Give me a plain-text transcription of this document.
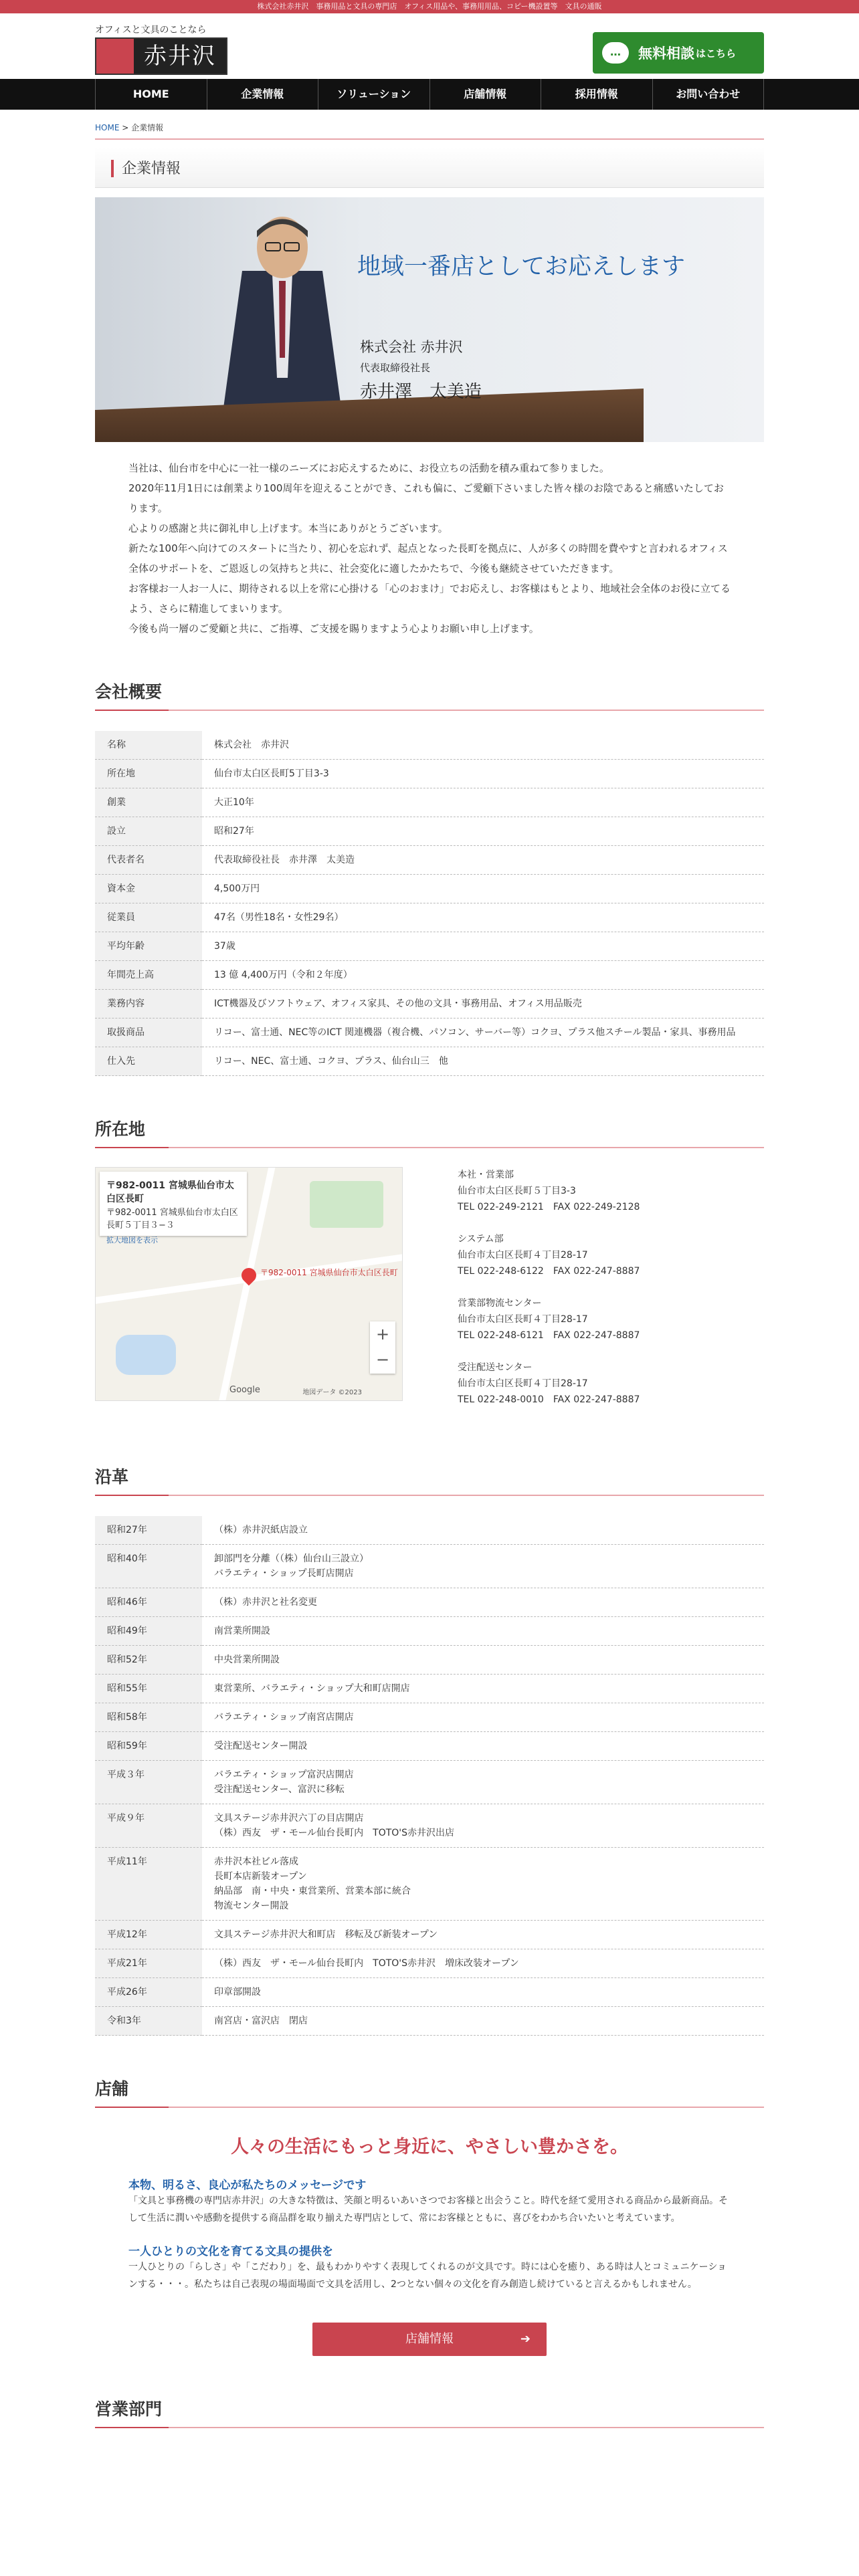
株式会社赤井沢　事務用品と文具の専門店　オフィス用品や、事務用用品、コピー機設置等　文具の通販
オフィスと文具のことなら
赤井沢	…	無料相談 はこちら
HOME	企業情報	ソリューション	店舗情報	採用情報	お問い合わせ
HOME > 企業情報
企業情報
地域一番店としてお応えします
株式会社 赤井沢
代表取締役社長
赤井澤　太美造

当社は、仙台市を中心に一社一様のニーズにお応えするために、お役立ちの活動を積み重ねて参りました。

2020年11月1日には創業より100周年を迎えることができ、これも偏に、ご愛顧下さいました皆々様のお陰であると痛感いたしております。

心よりの感謝と共に御礼申し上げます。本当にありがとうございます。

新たな100年へ向けてのスタートに当たり、初心を忘れず、起点となった長町を拠点に、人が多くの時間を費やすと言われるオフィス全体のサポートを、ご恩返しの気持ちと共に、社会変化に適したかたちで、今後も継続させていただきます。

お客様お一人お一人に、期待される以上を常に心掛ける「心のおまけ」でお応えし、お客様はもとより、地域社会全体のお役に立てるよう、さらに精進してまいります。

今後も尚一層のご愛顧と共に、ご指導、ご支援を賜りますよう心よりお願い申し上げます。

会社概要
名称	株式会社　赤井沢
所在地	仙台市太白区長町5丁目3-3
創業	大正10年
設立	昭和27年
代表者名	代表取締役社長　赤井澤　太美造
資本金	4,500万円
従業員	47名（男性18名・女性29名）
平均年齢	37歳
年間売上高	13 億 4,400万円（令和２年度）
業務内容	ICT機器及びソフトウェア、オフィス家具、その他の文具・事務用品、オフィス用品販売
取扱商品	リコー、富士通、NEC等のICT 関連機器（複合機、パソコン、サーバー等）コクヨ、プラス他スチール製品・家具、事務用品
仕入先	リコー、NEC、富士通、コクヨ、プラス、仙台山三　他
所在地
〒982-0011 宮城県仙台市太白区長町
〒982-0011 宮城県仙台市太白区長町５丁目３−３
拡大地図を表示
〒982-0011 宮城県仙台市太白区長町
+
−
Google	地図データ ©2023
本社・営業部
仙台市太白区長町５丁目3-3
TEL 022-249-2121　FAX 022-249-2128
システム部
仙台市太白区長町４丁目28-17
TEL 022-248-6122　FAX 022-247-8887
営業部物流センター
仙台市太白区長町４丁目28-17
TEL 022-248-6121　FAX 022-247-8887
受注配送センター
仙台市太白区長町４丁目28-17
TEL 022-248-0010　FAX 022-247-8887
沿革
昭和27年	（株）赤井沢紙店設立

昭和40年	卸部門を分離（（株）仙台山三設立）
バラエティ・ショップ長町店開店

昭和46年	（株）赤井沢と社名変更

昭和49年	南営業所開設

昭和52年	中央営業所開設

昭和55年	東営業所、バラエティ・ショップ大和町店開店

昭和58年	バラエティ・ショップ南宮店開店

昭和59年	受注配送センター開設

平成３年	バラエティ・ショップ富沢店開店
受注配送センター、富沢に移転

平成９年	文具ステージ赤井沢六丁の目店開店
（株）西友　ザ・モール仙台長町内　TOTO'S赤井沢出店

平成11年	赤井沢本社ビル落成
長町本店新装オープン
納品部　南・中央・東営業所、営業本部に統合
物流センター開設

平成12年	文具ステージ赤井沢大和町店　移転及び新装オープン

平成21年	（株）西友　ザ・モール仙台長町内　TOTO'S赤井沢　増床改装オープン

平成26年	印章部開設

令和3年	南宮店・富沢店　閉店
店舗
人々の生活にもっと身近に、やさしい豊かさを。
本物、明るさ、良心が私たちのメッセージです

「文具と事務機の専門店赤井沢」の大きな特徴は、笑顔と明るいあいさつでお客様と出会うこと。時代を経て愛用される商品から最新商品。そして生活に潤いや感動を提供する商品群を取り揃えた専門店として、常にお客様とともに、喜びをわかち合いたいと考えています。

一人ひとりの文化を育てる文具の提供を

一人ひとりの「らしさ」や「こだわり」を、最もわかりやすく表現してくれるのが文具です。時には心を癒り、ある時は人とコミュニケーションする・・・。私たちは自己表現の場面場面で文具を活用し、2つとない個々の文化を育み創造し続けていると言えるかもしれません。

店舗情報	➔
営業部門
